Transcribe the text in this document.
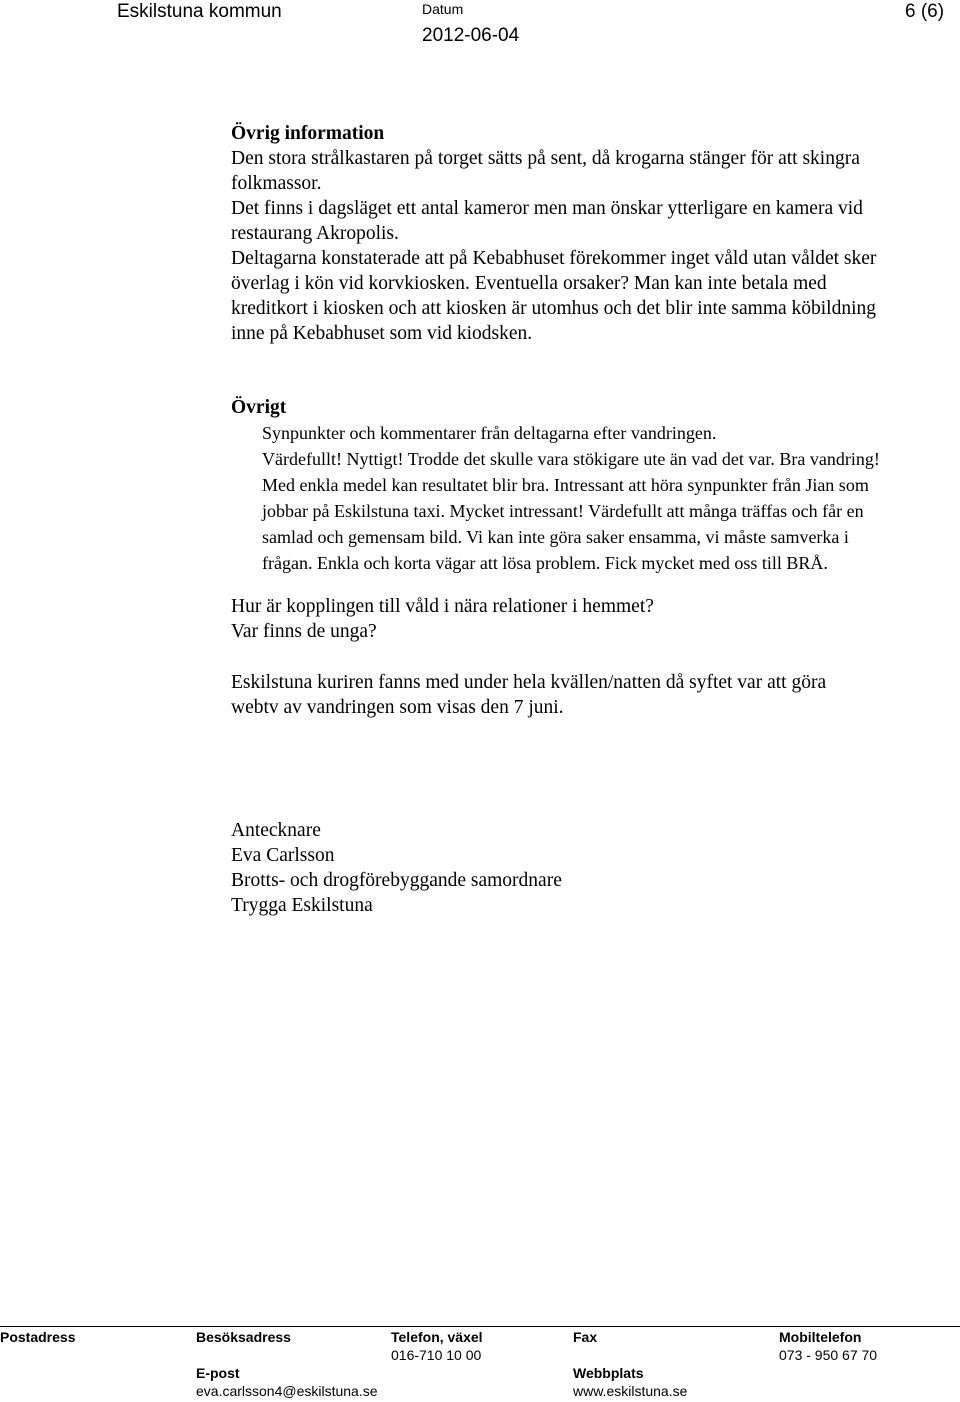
Eskilstuna kommun	Datum
2012-06-04
6 (6)

Övrig information

Den stora strålkastaren på torget sätts på sent, då krogarna stänger för att skingra

folkmassor.

Det finns i dagsläget ett antal kameror men man önskar ytterligare en kamera vid

restaurang Akropolis.

Deltagarna konstaterade att på Kebabhuset förekommer inget våld utan våldet sker

överlag i kön vid korvkiosken. Eventuella orsaker? Man kan inte betala med

kreditkort i kiosken och att kiosken är utomhus och det blir inte samma köbildning

inne på Kebabhuset som vid kiodsken.

Övrigt

Synpunkter och kommentarer från deltagarna efter vandringen.

Värdefullt! Nyttigt! Trodde det skulle vara stökigare ute än vad det var. Bra vandring!

Med enkla medel kan resultatet blir bra. Intressant att höra synpunkter från Jian som

jobbar på Eskilstuna taxi. Mycket intressant! Värdefullt att många träffas och får en

samlad och gemensam bild. Vi kan inte göra saker ensamma, vi måste samverka i

frågan. Enkla och korta vägar att lösa problem. Fick mycket med oss till BRÅ.

Hur är kopplingen till våld i nära relationer i hemmet?

Var finns de unga?

Eskilstuna kuriren fanns med under hela kvällen/natten då syftet var att göra

webtv av vandringen som visas den 7 juni.

Antecknare

Eva Carlsson

Brotts- och drogförebyggande samordnare

Trygga Eskilstuna

Postadress	Besöksadress	Telefon, växel
016-710 10 00
Fax	Mobiltelefon
073 - 950 67 70
E-post
eva.carlsson4@eskilstuna.se
Webbplats
www.eskilstuna.se
